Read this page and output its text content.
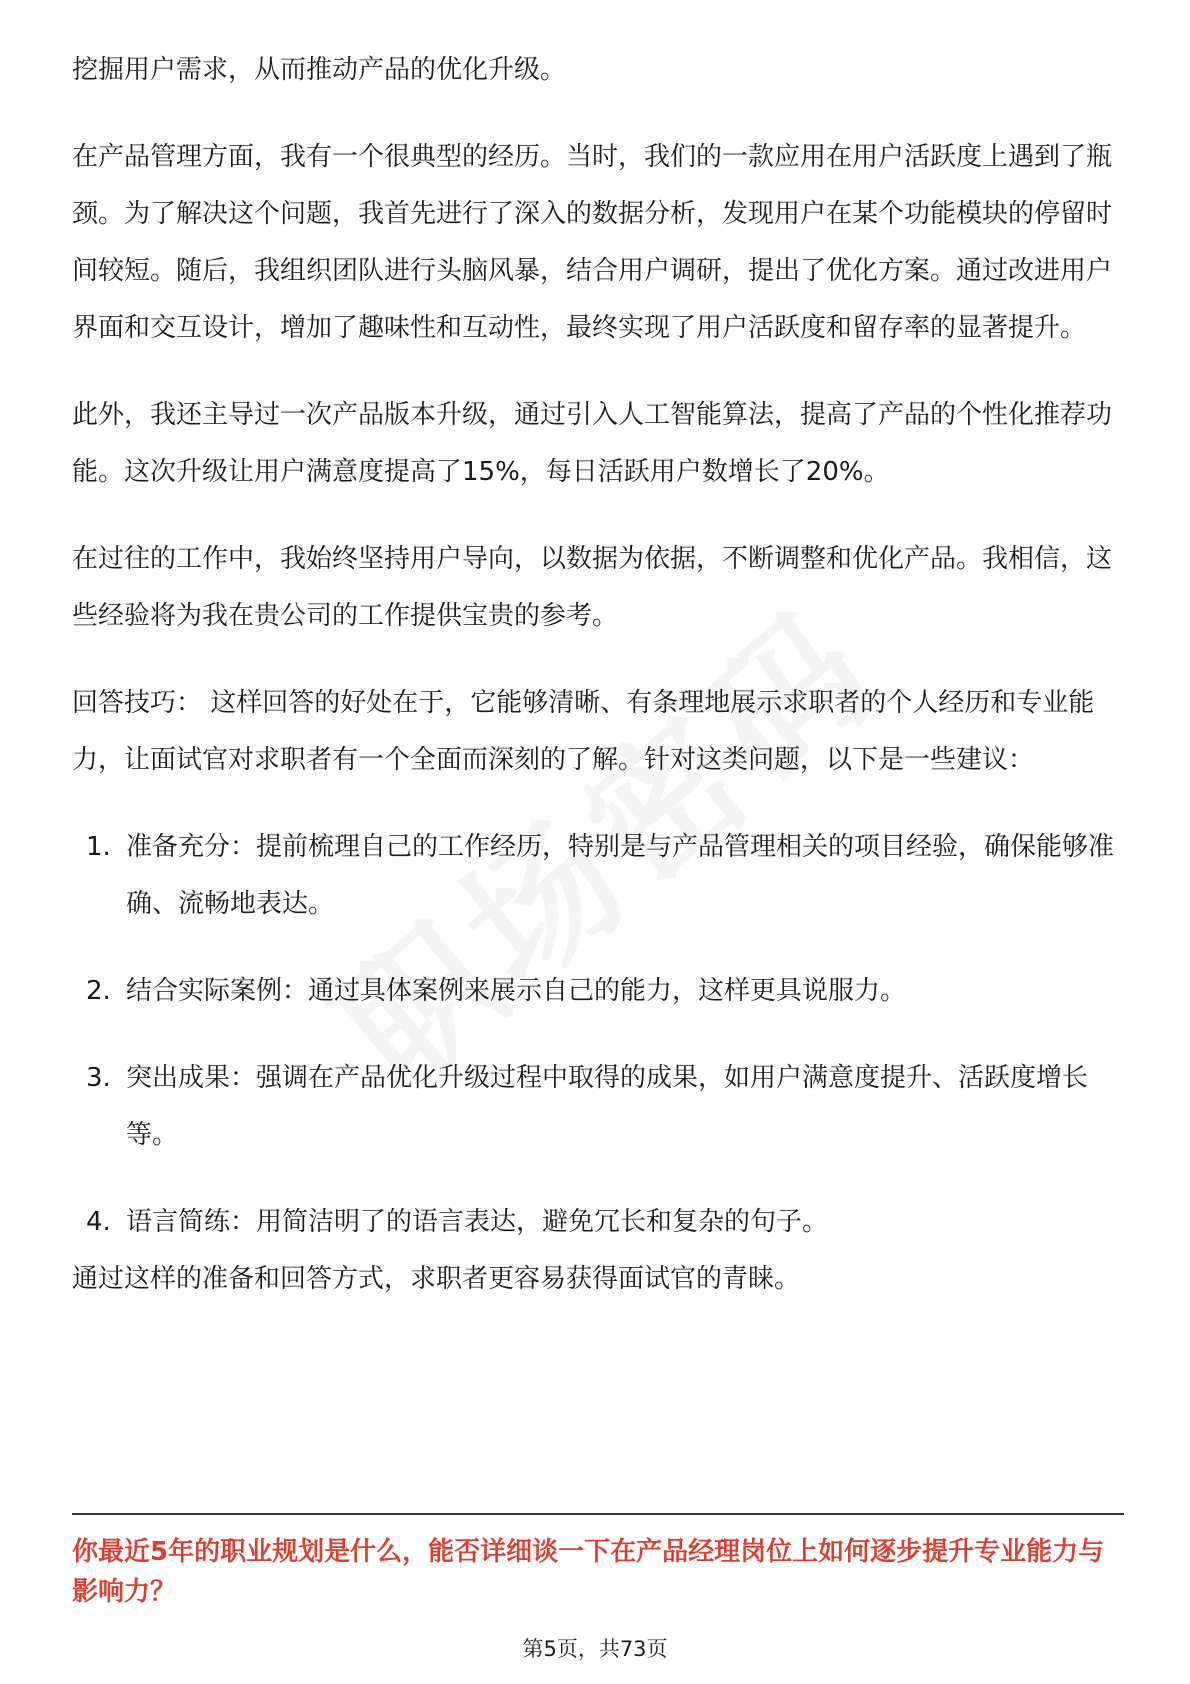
挖掘用户需求，从而推动产品的优化升级。

在产品管理方面，我有一个很典型的经历。当时，我们的一款应用在用户活跃度上遇到了瓶颈。为了解决这个问题，我首先进行了深入的数据分析，发现用户在某个功能模块的停留时间较短。随后，我组织团队进行头脑风暴，结合用户调研，提出了优化方案。通过改进用户界面和交互设计，增加了趣味性和互动性，最终实现了用户活跃度和留存率的显著提升。

此外，我还主导过一次产品版本升级，通过引入人工智能算法，提高了产品的个性化推荐功能。这次升级让用户满意度提高了15%，每日活跃用户数增长了20%。

在过往的工作中，我始终坚持用户导向，以数据为依据，不断调整和优化产品。我相信，这些经验将为我在贵公司的工作提供宝贵的参考。

回答技巧： 这样回答的好处在于，它能够清晰、有条理地展示求职者的个人经历和专业能力，让面试官对求职者有一个全面而深刻的了解。针对这类问题，以下是一些建议：

1. 准备充分：提前梳理自己的工作经历，特别是与产品管理相关的项目经验，确保能够准确、流畅地表达。
2. 结合实际案例：通过具体案例来展示自己的能力，这样更具说服力。
3. 突出成果：强调在产品优化升级过程中取得的成果，如用户满意度提升、活跃度增长等。
4. 语言简练：用简洁明了的语言表达，避免冗长和复杂的句子。

通过这样的准备和回答方式，求职者更容易获得面试官的青睐。

你最近5年的职业规划是什么，能否详细谈一下在产品经理岗位上如何逐步提升专业能力与影响力？

第5页，共73页
